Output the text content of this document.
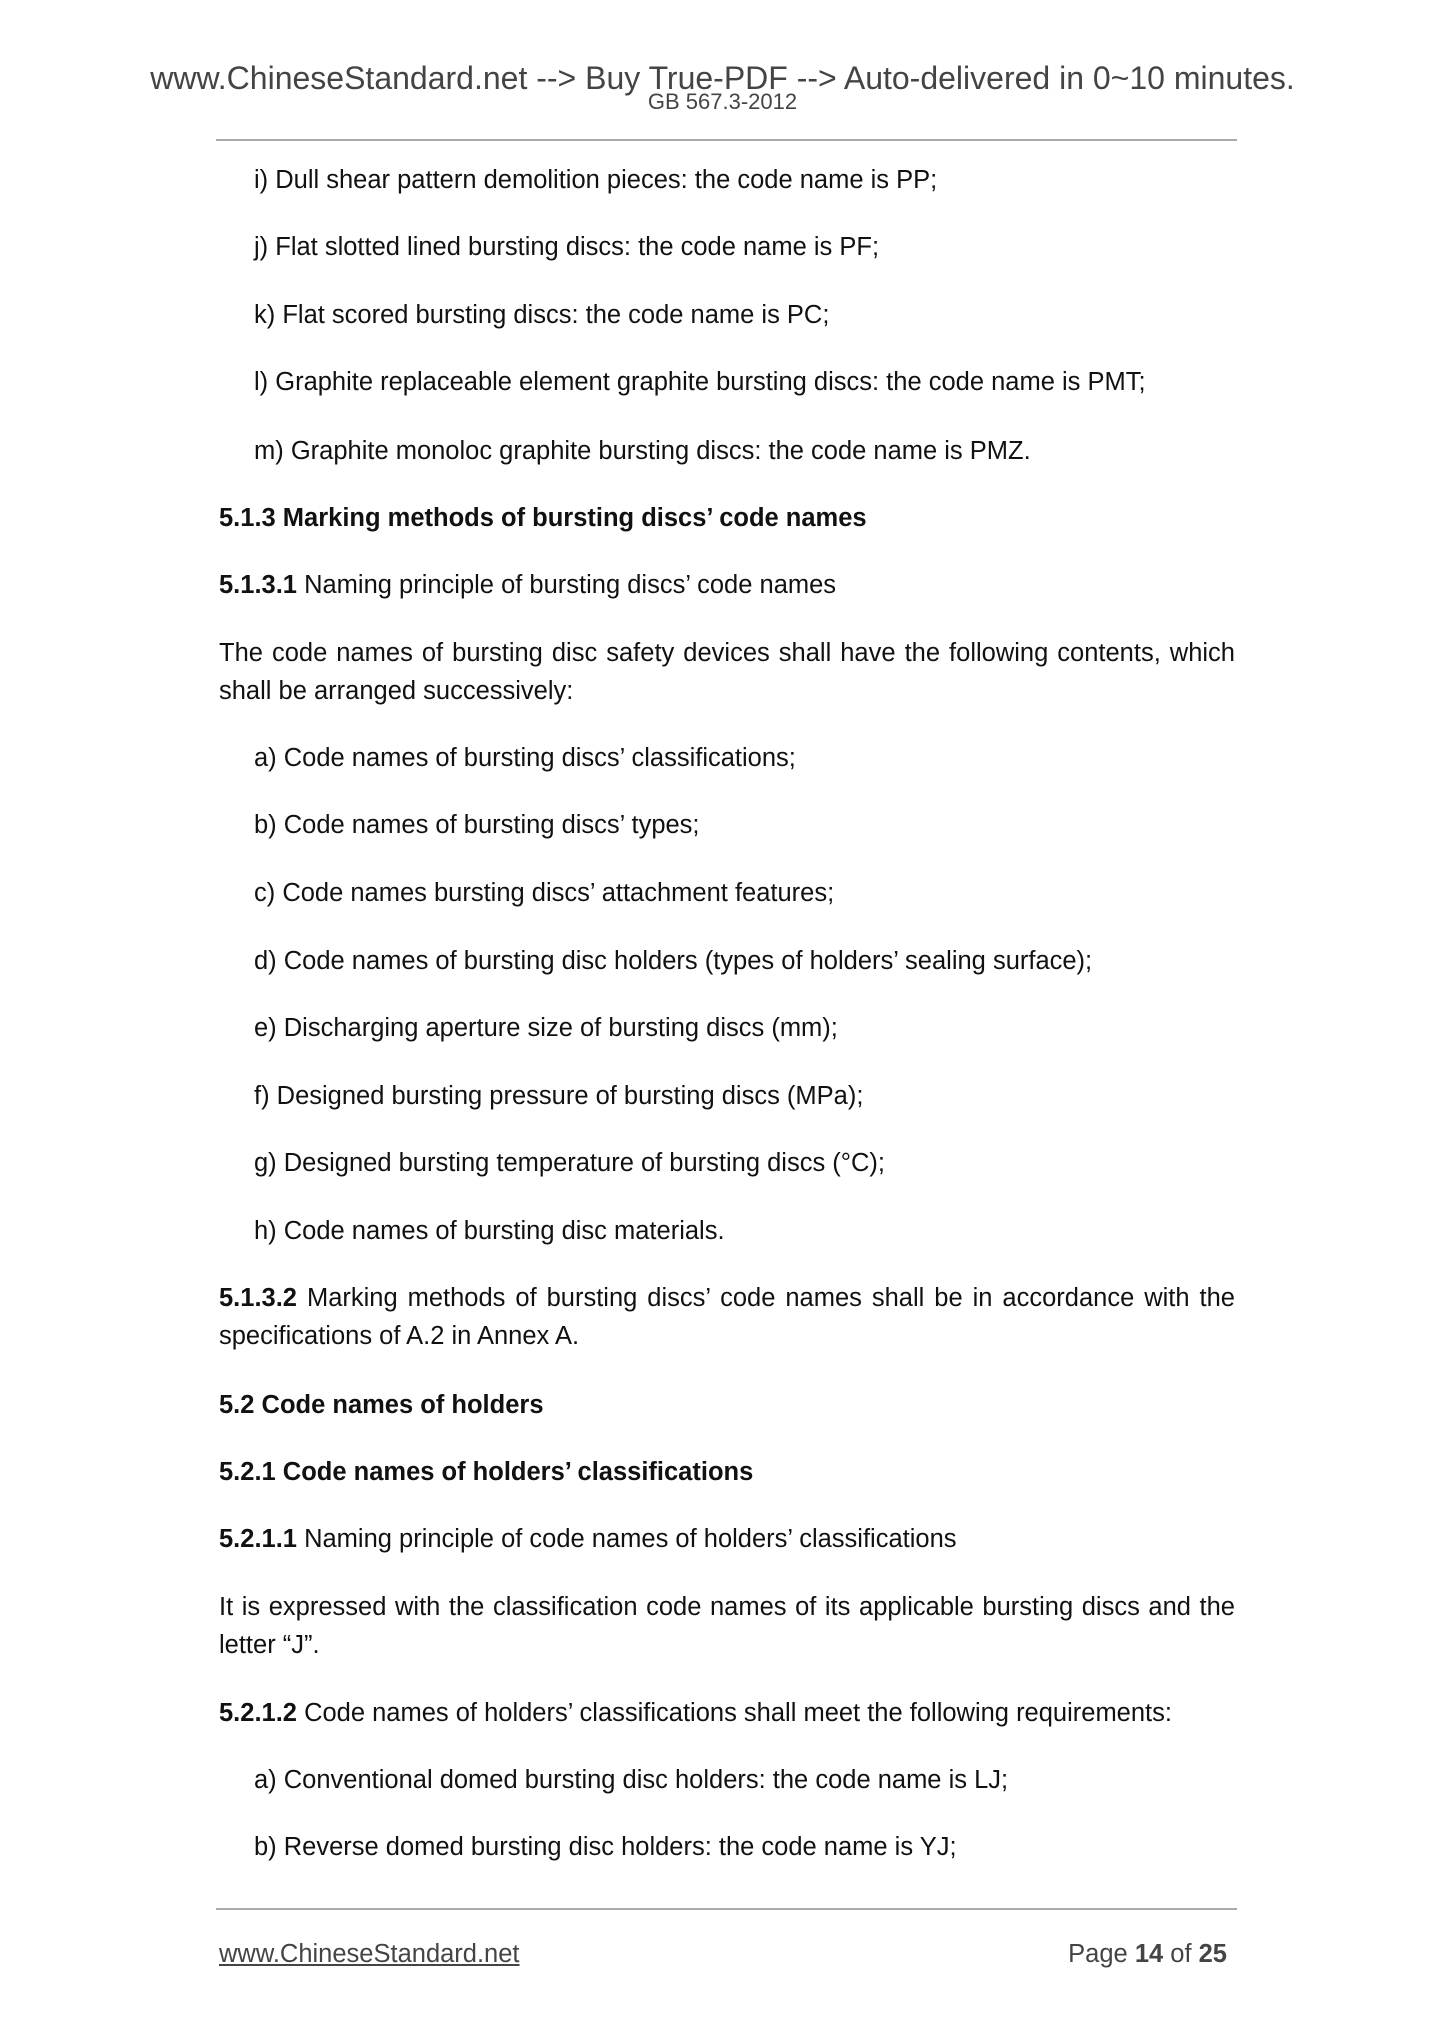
www.ChineseStandard.net --> Buy True-PDF --> Auto-delivered in 0~10 minutes.
GB 567.3-2012
i) Dull shear pattern demolition pieces: the code name is PP;
j) Flat slotted lined bursting discs: the code name is PF;
k) Flat scored bursting discs: the code name is PC;
l) Graphite replaceable element graphite bursting discs: the code name is PMT;
m) Graphite monoloc graphite bursting discs: the code name is PMZ.
5.1.3 Marking methods of bursting discs’ code names
5.1.3.1 Naming principle of bursting discs’ code names
The code names of bursting disc safety devices shall have the following contents, which shall be arranged successively:
a) Code names of bursting discs’ classifications;
b) Code names of bursting discs’ types;
c) Code names bursting discs’ attachment features;
d) Code names of bursting disc holders (types of holders’ sealing surface);
e) Discharging aperture size of bursting discs (mm);
f) Designed bursting pressure of bursting discs (MPa);
g) Designed bursting temperature of bursting discs (°C);
h) Code names of bursting disc materials.
5.1.3.2 Marking methods of bursting discs’ code names shall be in accordance with the specifications of A.2 in Annex A.
5.2 Code names of holders
5.2.1 Code names of holders’ classifications
5.2.1.1 Naming principle of code names of holders’ classifications
It is expressed with the classification code names of its applicable bursting discs and the letter “J”.
5.2.1.2 Code names of holders’ classifications shall meet the following requirements:
a) Conventional domed bursting disc holders: the code name is LJ;
b) Reverse domed bursting disc holders: the code name is YJ;
www.ChineseStandard.net	Page 14 of 25
